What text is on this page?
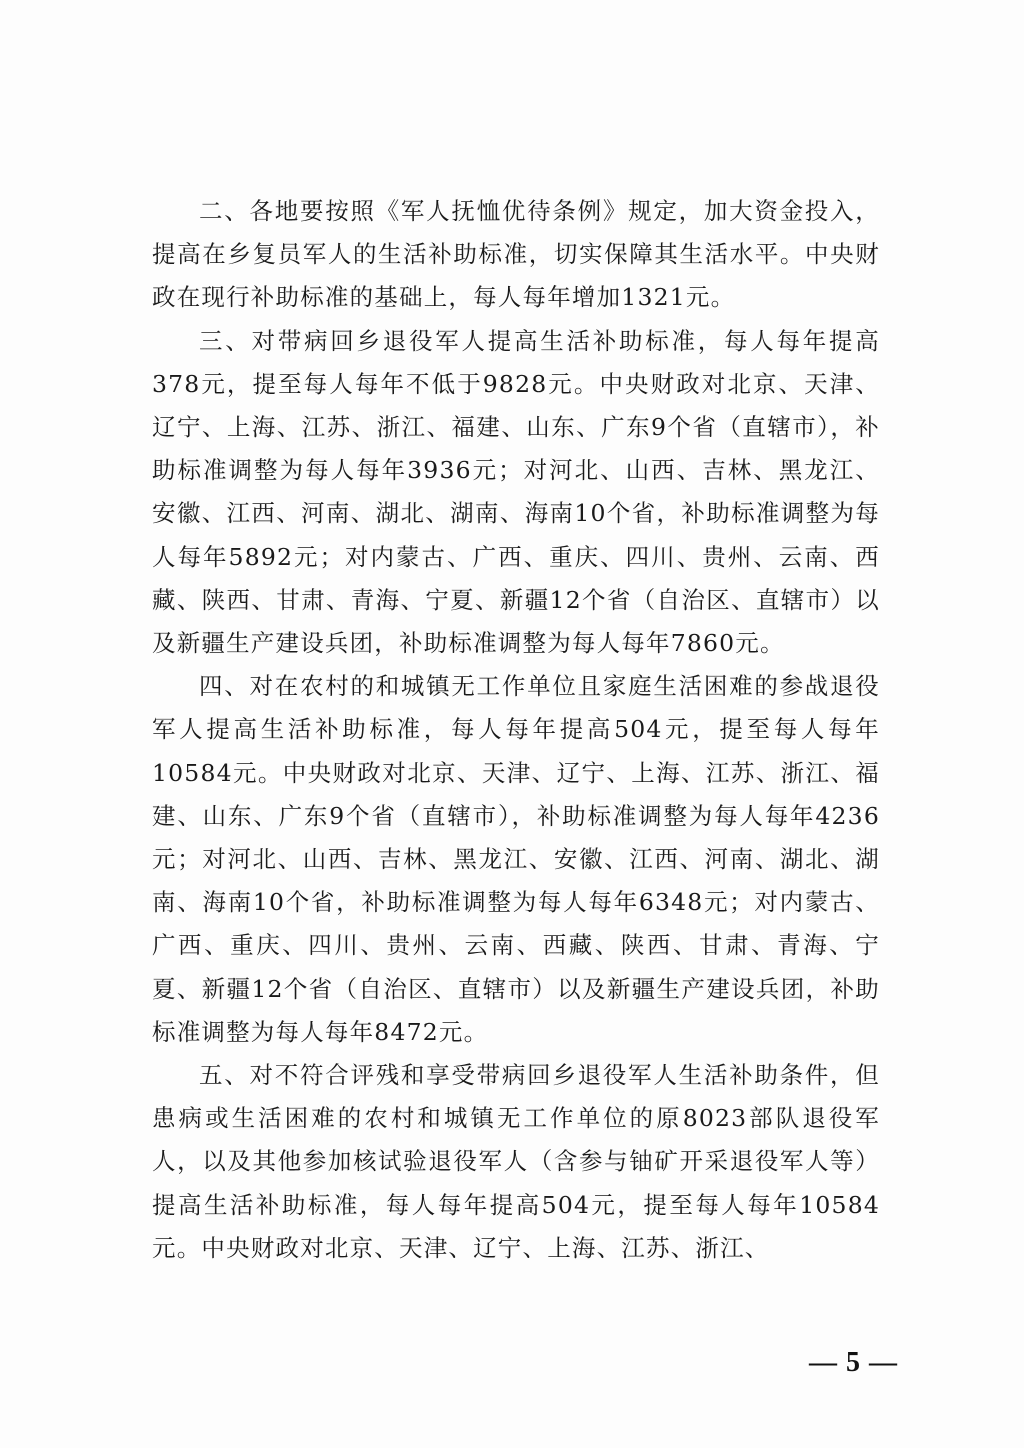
二、各地要按照《军人抚恤优待条例》规定，加大资金投入，提高在乡复员军人的生活补助标准，切实保障其生活水平。中央财政在现行补助标准的基础上，每人每年增加1321元。

三、对带病回乡退役军人提高生活补助标准，每人每年提高378元，提至每人每年不低于9828元。中央财政对北京、天津、辽宁、上海、江苏、浙江、福建、山东、广东9个省（直辖市），补助标准调整为每人每年3936元；对河北、山西、吉林、黑龙江、安徽、江西、河南、湖北、湖南、海南10个省，补助标准调整为每人每年5892元；对内蒙古、广西、重庆、四川、贵州、云南、西藏、陕西、甘肃、青海、宁夏、新疆12个省（自治区、直辖市）以及新疆生产建设兵团，补助标准调整为每人每年7860元。

四、对在农村的和城镇无工作单位且家庭生活困难的参战退役军人提高生活补助标准，每人每年提高504元，提至每人每年10584元。中央财政对北京、天津、辽宁、上海、江苏、浙江、福建、山东、广东9个省（直辖市），补助标准调整为每人每年4236元；对河北、山西、吉林、黑龙江、安徽、江西、河南、湖北、湖南、海南10个省，补助标准调整为每人每年6348元；对内蒙古、广西、重庆、四川、贵州、云南、西藏、陕西、甘肃、青海、宁夏、新疆12个省（自治区、直辖市）以及新疆生产建设兵团，补助标准调整为每人每年8472元。

五、对不符合评残和享受带病回乡退役军人生活补助条件，但患病或生活困难的农村和城镇无工作单位的原8023部队退役军人，以及其他参加核试验退役军人（含参与铀矿开采退役军人等）提高生活补助标准，每人每年提高504元，提至每人每年10584元。中央财政对北京、天津、辽宁、上海、江苏、浙江、

— 5 —
